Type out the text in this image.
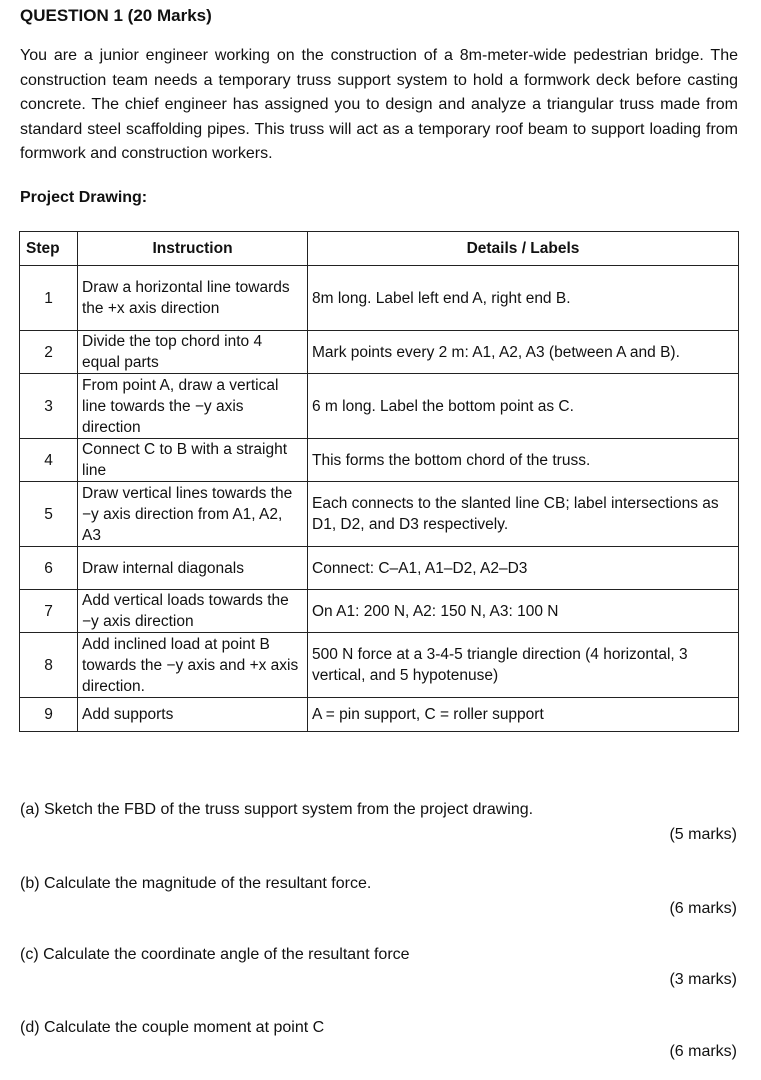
QUESTION 1 (20 Marks)
You are a junior engineer working on the construction of a 8m-meter-wide pedestrian bridge. The construction team needs a temporary truss support system to hold a formwork deck before casting concrete. The chief engineer has assigned you to design and analyze a triangular truss made from standard steel scaffolding pipes. This truss will act as a temporary roof beam to support loading from formwork and construction workers.
Project Drawing:
Step	Instruction	Details / Labels
1	Draw a horizontal line towards the +x axis direction	8m long. Label left end A, right end B.
2	Divide the top chord into 4 equal parts	Mark points every 2 m: A1, A2, A3 (between A and B).
3	From point A, draw a vertical line towards the −y axis direction	6 m long. Label the bottom point as C.
4	Connect C to B with a straight line	This forms the bottom chord of the truss.
5	Draw vertical lines towards the −y axis direction from A1, A2, A3	Each connects to the slanted line CB; label intersections as D1, D2, and D3 respectively.
6	Draw internal diagonals	Connect: C–A1, A1–D2, A2–D3
7	Add vertical loads towards the −y axis direction	On A1: 200 N, A2: 150 N, A3: 100 N
8	Add inclined load at point B towards the −y axis and +x axis direction.	500 N force at a 3-4-5 triangle direction (4 horizontal, 3 vertical, and 5 hypotenuse)
9	Add supports	A = pin support, C = roller support
(a) Sketch the FBD of the truss support system from the project drawing.
(5 marks)
(b) Calculate the magnitude of the resultant force.
(6 marks)
(c) Calculate the coordinate angle of the resultant force
(3 marks)
(d) Calculate the couple moment at point C
(6 marks)
